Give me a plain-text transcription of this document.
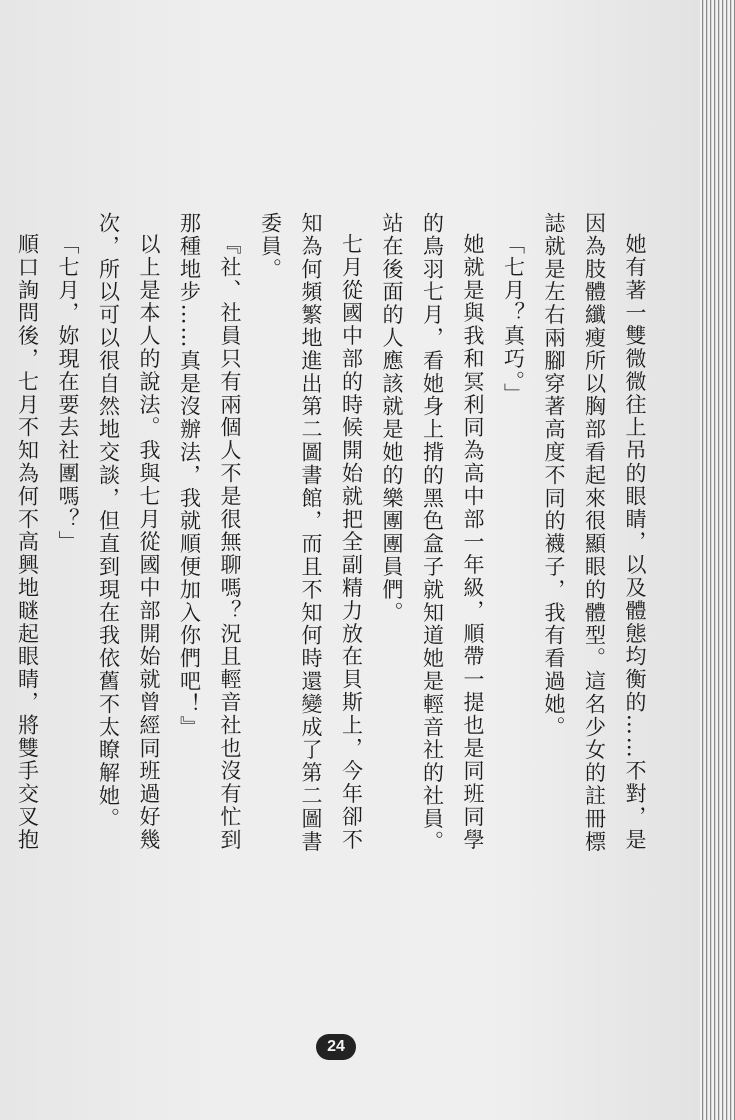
她有著一雙微微往上吊的眼睛，以及體態均衡的……不對，是因為肢體纖瘦所以胸部看起來很顯眼的體型。這名少女的註冊標誌就是左右兩腳穿著高度不同的襪子，我有看過她。

「七月？真巧。」

她就是與我和冥利同為高中部一年級，順帶一提也是同班同學的鳥羽七月，看她身上揹的黑色盒子就知道她是輕音社的社員。站在後面的人應該就是她的樂團團員們。

七月從國中部的時候開始就把全副精力放在貝斯上，今年卻不知為何頻繁地進出第二圖書館，而且不知何時還變成了第二圖書委員。

『社、社員只有兩個人不是很無聊嗎？況且輕音社也沒有忙到那種地步……真是沒辦法，我就順便加入你們吧！』

以上是本人的說法。我與七月從國中部開始就曾經同班過好幾次，所以可以很自然地交談，但直到現在我依舊不太瞭解她。

「七月，妳現在要去社團嗎？」

順口詢問後，七月不知為何不高興地瞇起眼睛，將雙手交叉抱

24
